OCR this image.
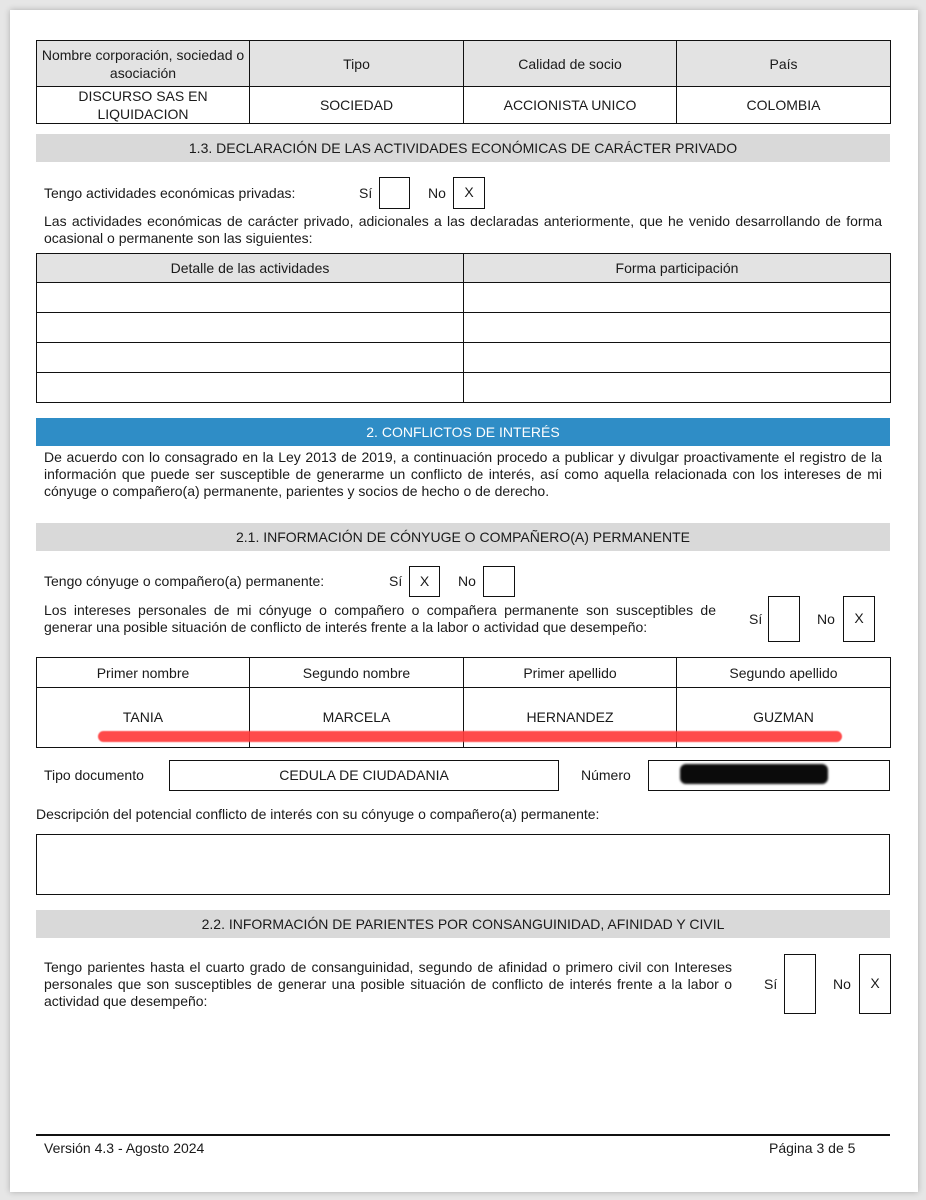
Nombre corporación, sociedad o asociación	Tipo	Calidad de socio	País
DISCURSO SAS EN LIQUIDACION	SOCIEDAD	ACCIONISTA UNICO	COLOMBIA
1.3. DECLARACIÓN DE LAS ACTIVIDADES ECONÓMICAS DE CARÁCTER PRIVADO
Tengo actividades económicas privadas:	Sí	No	X
Las actividades económicas de carácter privado, adicionales a las declaradas anteriormente, que he venido desarrollando de forma ocasional o permanente son las siguientes:
Detalle de las actividades	Forma participación

2. CONFLICTOS DE INTERÉS
De acuerdo con lo consagrado en la Ley 2013 de 2019, a continuación procedo a publicar y divulgar proactivamente el registro de la información que puede ser susceptible de generarme un conflicto de interés, así como aquella relacionada con los intereses de mi cónyuge o compañero(a) permanente, parientes y socios de hecho o de derecho.
2.1. INFORMACIÓN DE CÓNYUGE O COMPAÑERO(A) PERMANENTE
Tengo cónyuge o compañero(a) permanente:	Sí	X	No
Los intereses personales de mi cónyuge o compañero o compañera permanente son susceptibles de generar una posible situación de conflicto de interés frente a la labor o actividad que desempeño:	Sí	No	X
Primer nombre	Segundo nombre	Primer apellido	Segundo apellido
TANIA	MARCELA	HERNANDEZ	GUZMAN
Tipo documento	CEDULA DE CIUDADANIA	Número
Descripción del potencial conflicto de interés con su cónyuge o compañero(a) permanente:
2.2. INFORMACIÓN DE PARIENTES POR CONSANGUINIDAD, AFINIDAD Y CIVIL
Tengo parientes hasta el cuarto grado de consanguinidad, segundo de afinidad o primero civil con Intereses personales que son susceptibles de generar una posible situación de conflicto de interés frente a la labor o actividad que desempeño:
Sí	No	X
Versión 4.3 - Agosto 2024	Página 3 de 5
